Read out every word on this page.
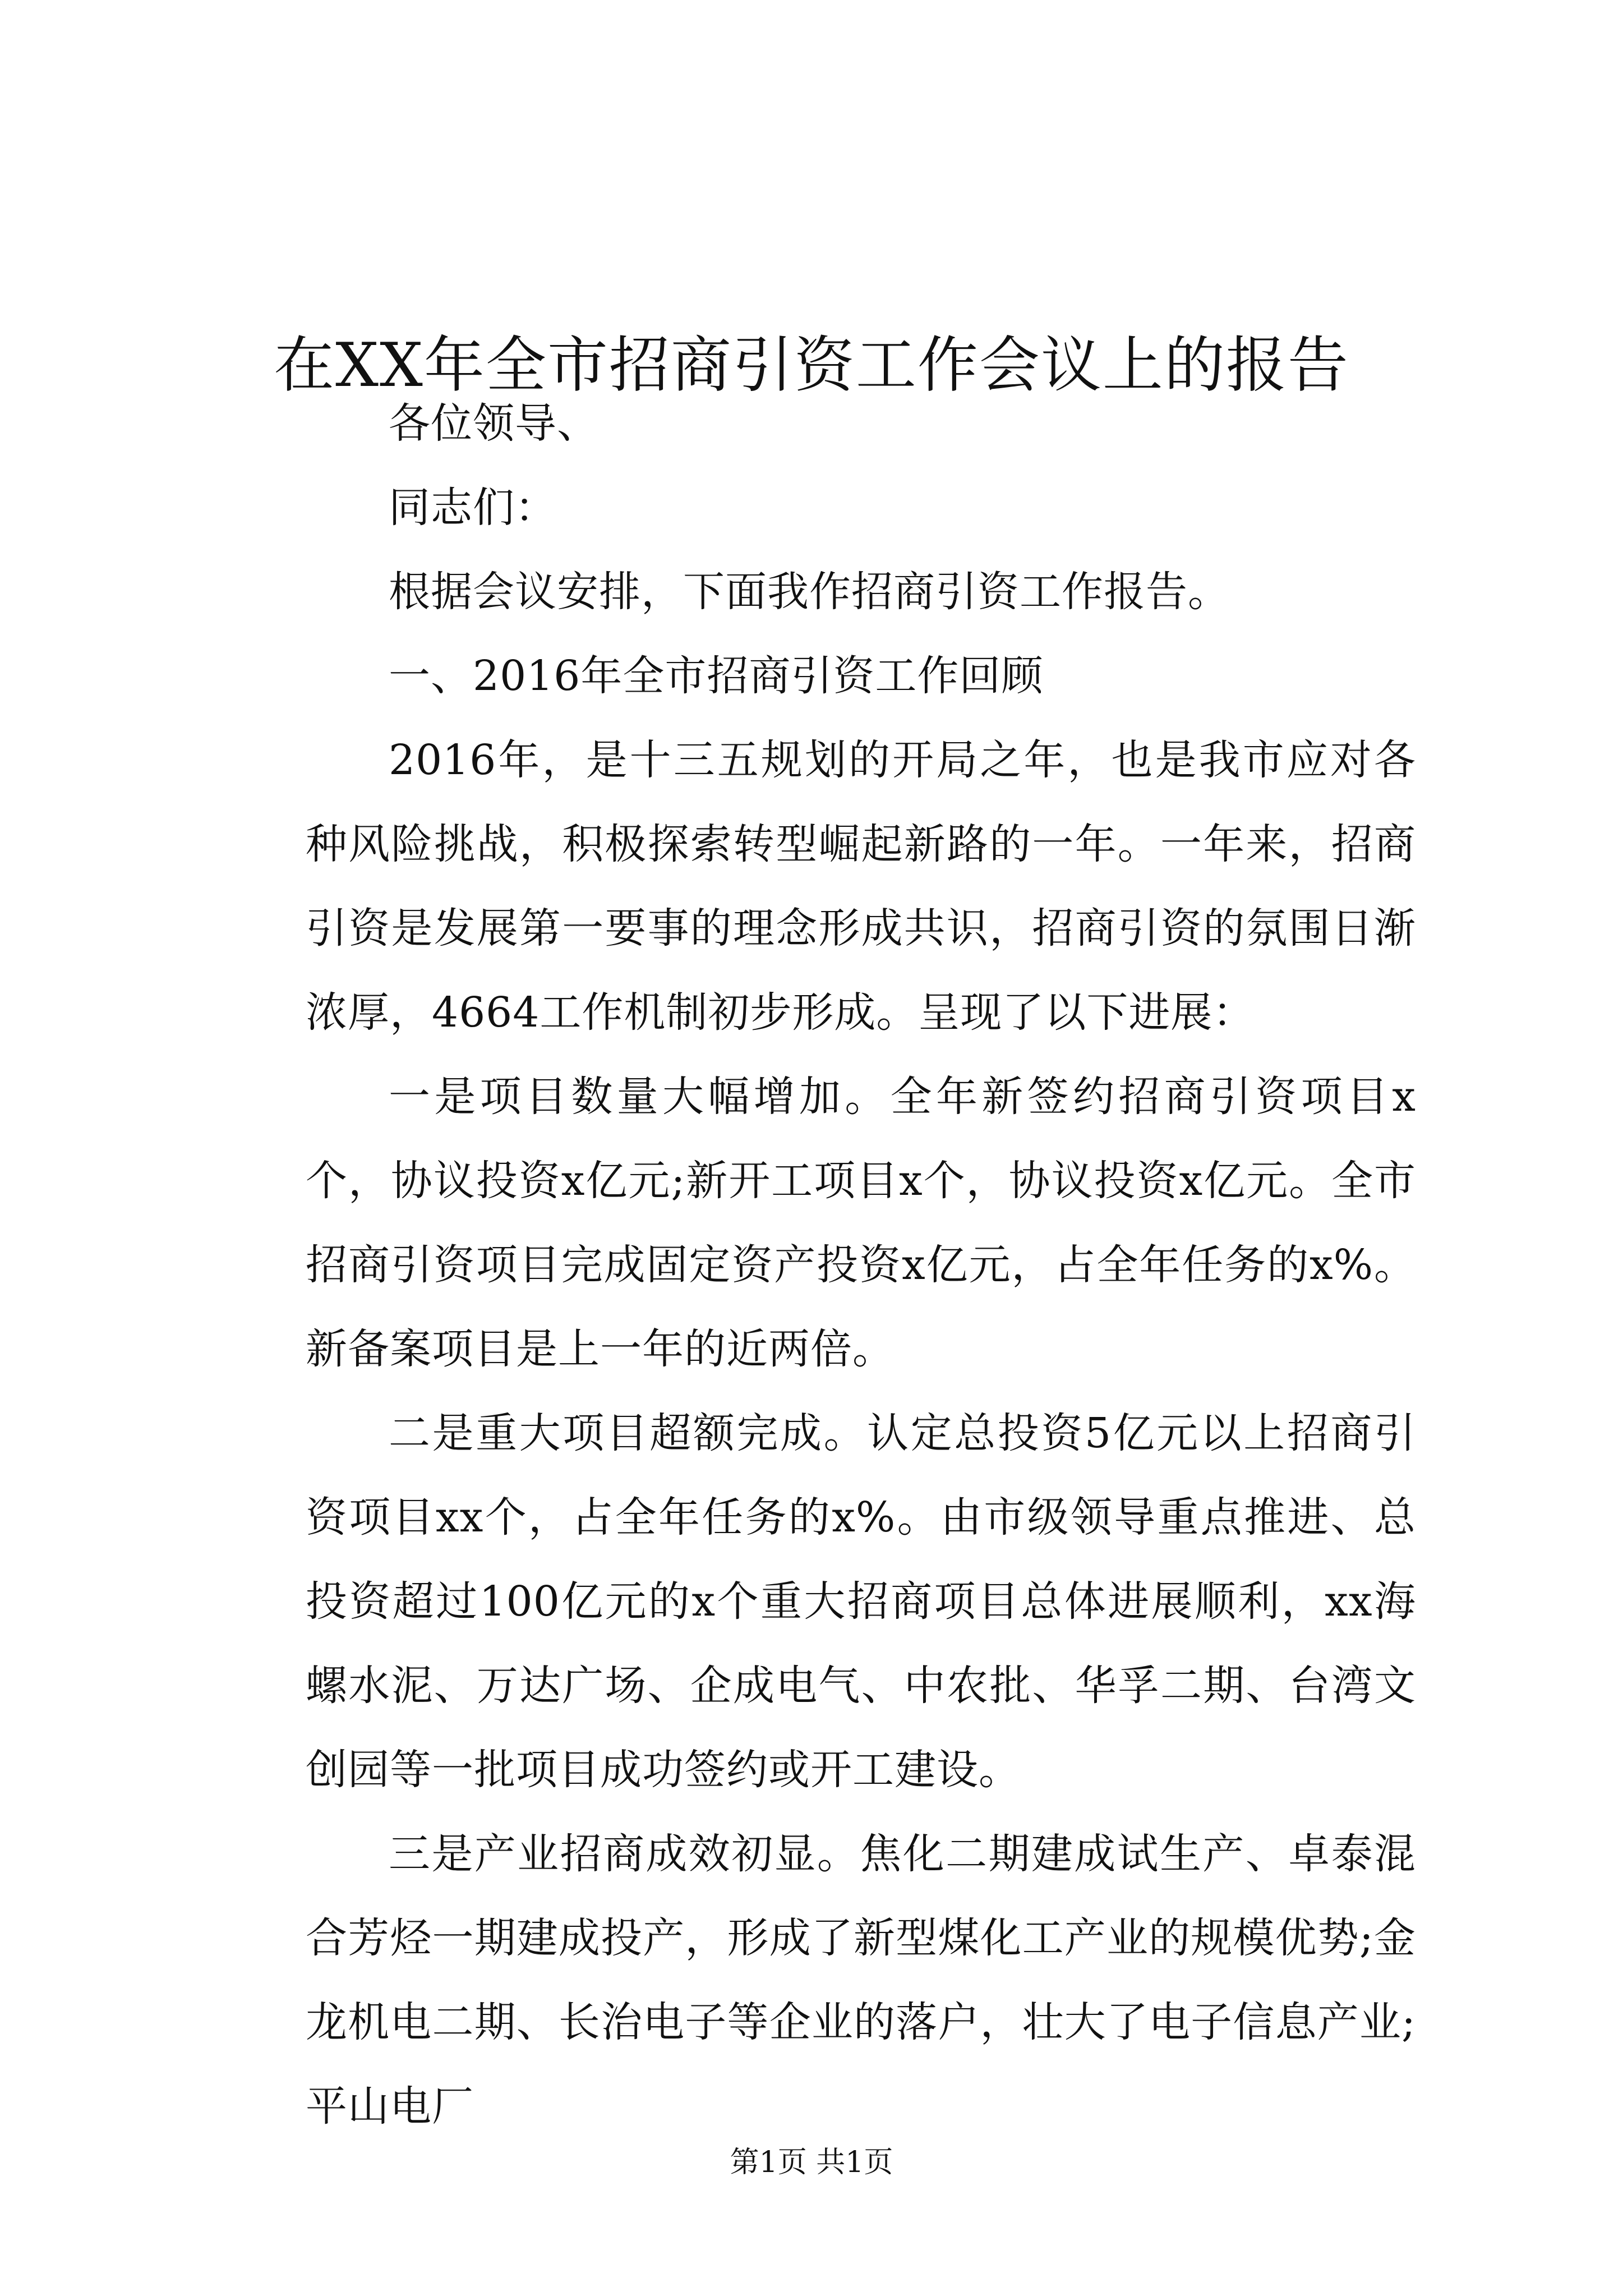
在XX年全市招商引资工作会议上的报告

各位领导、

同志们：

根据会议安排，下面我作招商引资工作报告。

一、2016年全市招商引资工作回顾

2016年，是十三五规划的开局之年，也是我市应对各种风险挑战，积极探索转型崛起新路的一年。一年来，招商引资是发展第一要事的理念形成共识，招商引资的氛围日渐浓厚，4664工作机制初步形成。呈现了以下进展：

一是项目数量大幅增加。全年新签约招商引资项目x个，协议投资x亿元;新开工项目x个，协议投资x亿元。全市招商引资项目完成固定资产投资x亿元，占全年任务的x%。新备案项目是上一年的近两倍。

二是重大项目超额完成。认定总投资5亿元以上招商引资项目xx个，占全年任务的x%。由市级领导重点推进、总投资超过100亿元的x个重大招商项目总体进展顺利，xx海螺水泥、万达广场、企成电气、中农批、华孚二期、台湾文创园等一批项目成功签约或开工建设。

三是产业招商成效初显。焦化二期建成试生产、卓泰混合芳烃一期建成投产，形成了新型煤化工产业的规模优势;金龙机电二期、长治电子等企业的落户，壮大了电子信息产业;平山电厂

第1页 共1页
